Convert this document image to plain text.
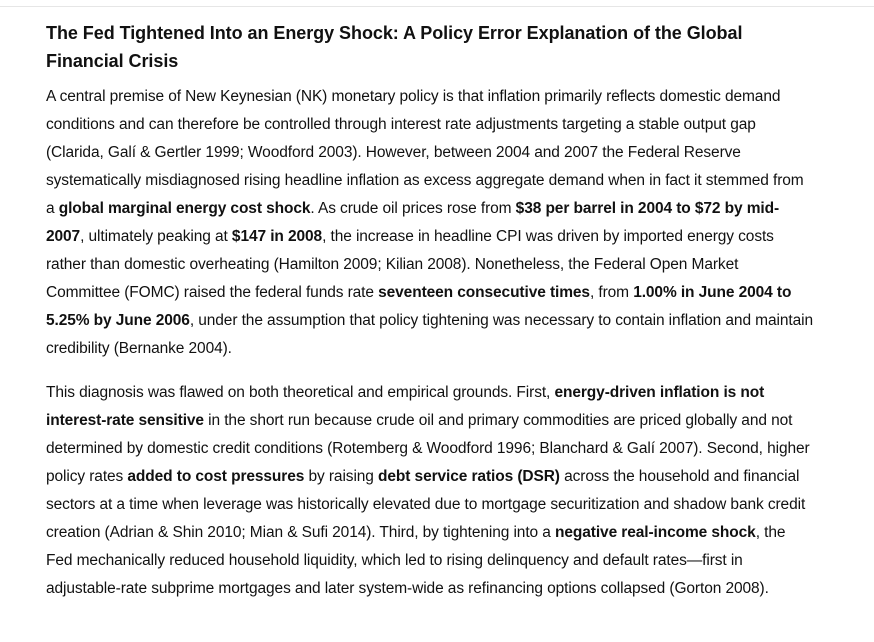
The Fed Tightened Into an Energy Shock: A Policy Error Explanation of the Global Financial Crisis

A central premise of New Keynesian (NK) monetary policy is that inflation primarily reflects domestic demand conditions and can therefore be controlled through interest rate adjustments targeting a stable output gap (Clarida, Galí & Gertler 1999; Woodford 2003). However, between 2004 and 2007 the Federal Reserve systematically misdiagnosed rising headline inflation as excess aggregate demand when in fact it stemmed from a global marginal energy cost shock. As crude oil prices rose from $38 per barrel in 2004 to $72 by mid-2007, ultimately peaking at $147 in 2008, the increase in headline CPI was driven by imported energy costs rather than domestic overheating (Hamilton 2009; Kilian 2008). Nonetheless, the Federal Open Market Committee (FOMC) raised the federal funds rate seventeen consecutive times, from 1.00% in June 2004 to 5.25% by June 2006, under the assumption that policy tightening was necessary to contain inflation and maintain credibility (Bernanke 2004).

This diagnosis was flawed on both theoretical and empirical grounds. First, energy-driven inflation is not interest-rate sensitive in the short run because crude oil and primary commodities are priced globally and not determined by domestic credit conditions (Rotemberg & Woodford 1996; Blanchard & Galí 2007). Second, higher policy rates added to cost pressures by raising debt service ratios (DSR) across the household and financial sectors at a time when leverage was historically elevated due to mortgage securitization and shadow bank credit creation (Adrian & Shin 2010; Mian & Sufi 2014). Third, by tightening into a negative real-income shock, the Fed mechanically reduced household liquidity, which led to rising delinquency and default rates—first in adjustable-rate subprime mortgages and later system-wide as refinancing options collapsed (Gorton 2008).
